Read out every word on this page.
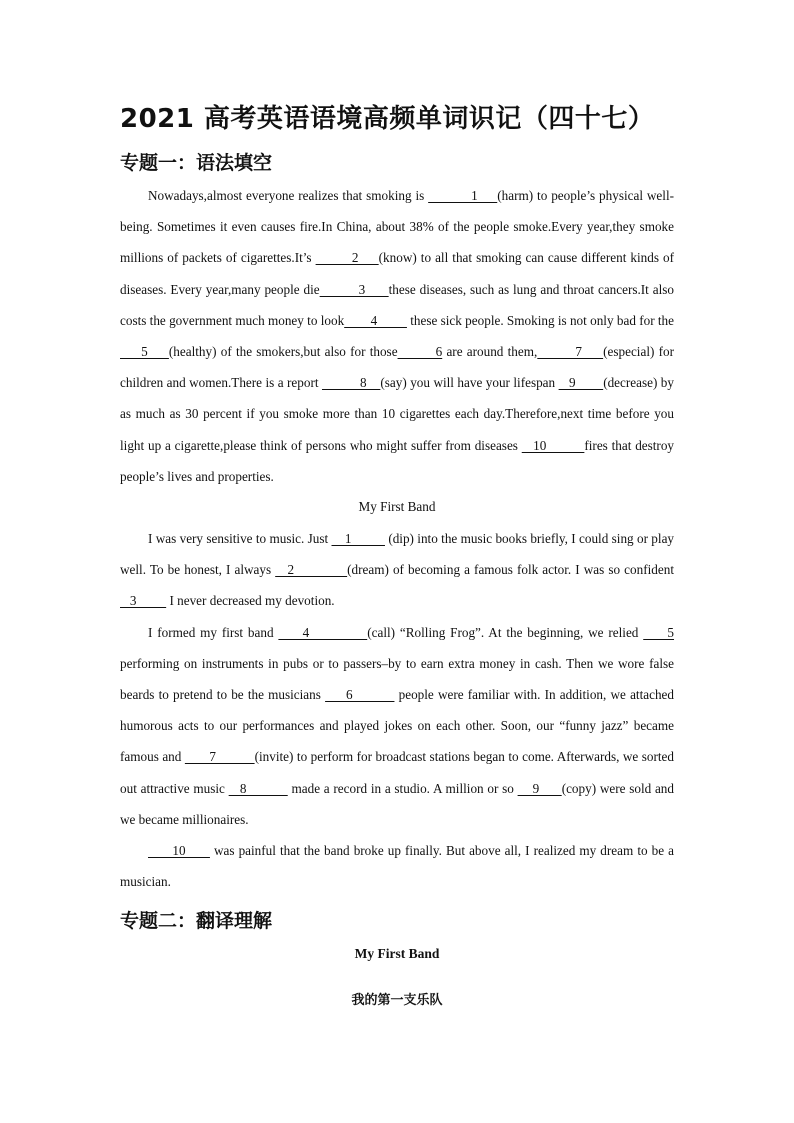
2021 高考英语语境高频单词识记（四十七）
专题一：语法填空

Nowadays,almost everyone realizes that smoking is            1     (harm) to people’s physical well-being. Sometimes it even causes fire.In China, about 38% of the people smoke.Every year,they smoke millions of packets of cigarettes.It’s          2     (know) to all that smoking can cause different kinds of diseases. Every year,many people die          3      these diseases, such as lung and throat cancers.It also costs the government much money to look        4          these sick people. Smoking is not only bad for the     5     (healthy) of the smokers,but also for those         6 are around them,         7     (especial) for children and women.There is a report            8    (say) you will have your lifespan    9        (decrease) by as much as 30 percent if you smoke more than 10 cigarettes each day.Therefore,next time before you light up a cigarette,please think of persons who might suffer from diseases    10          fires that destroy people’s lives and properties.

My First Band

I was very sensitive to music. Just     1           (dip) into the music books briefly, I could sing or play well. To be honest, I always    2             (dream) of becoming a famous folk actor. I was so confident    3          I never decreased my devotion.

I formed my first band      4            (call) “Rolling Frog”. At the beginning, we relied      5 performing on instruments in pubs or to passers–by to earn extra money in cash. Then we wore false beards to pretend to be the musicians      6           people were familiar with. In addition, we attached humorous acts to our performances and played jokes on each other. Soon, our “funny jazz” became famous and        7           (invite) to perform for broadcast stations began to come. Afterwards, we sorted out attractive music    8            made a record in a studio. A million or so     9      (copy) were sold and we became millionaires.

10       was painful that the band broke up finally. But above all, I realized my dream to be a musician.

专题二：翻译理解
My First Band
我的第一支乐队
